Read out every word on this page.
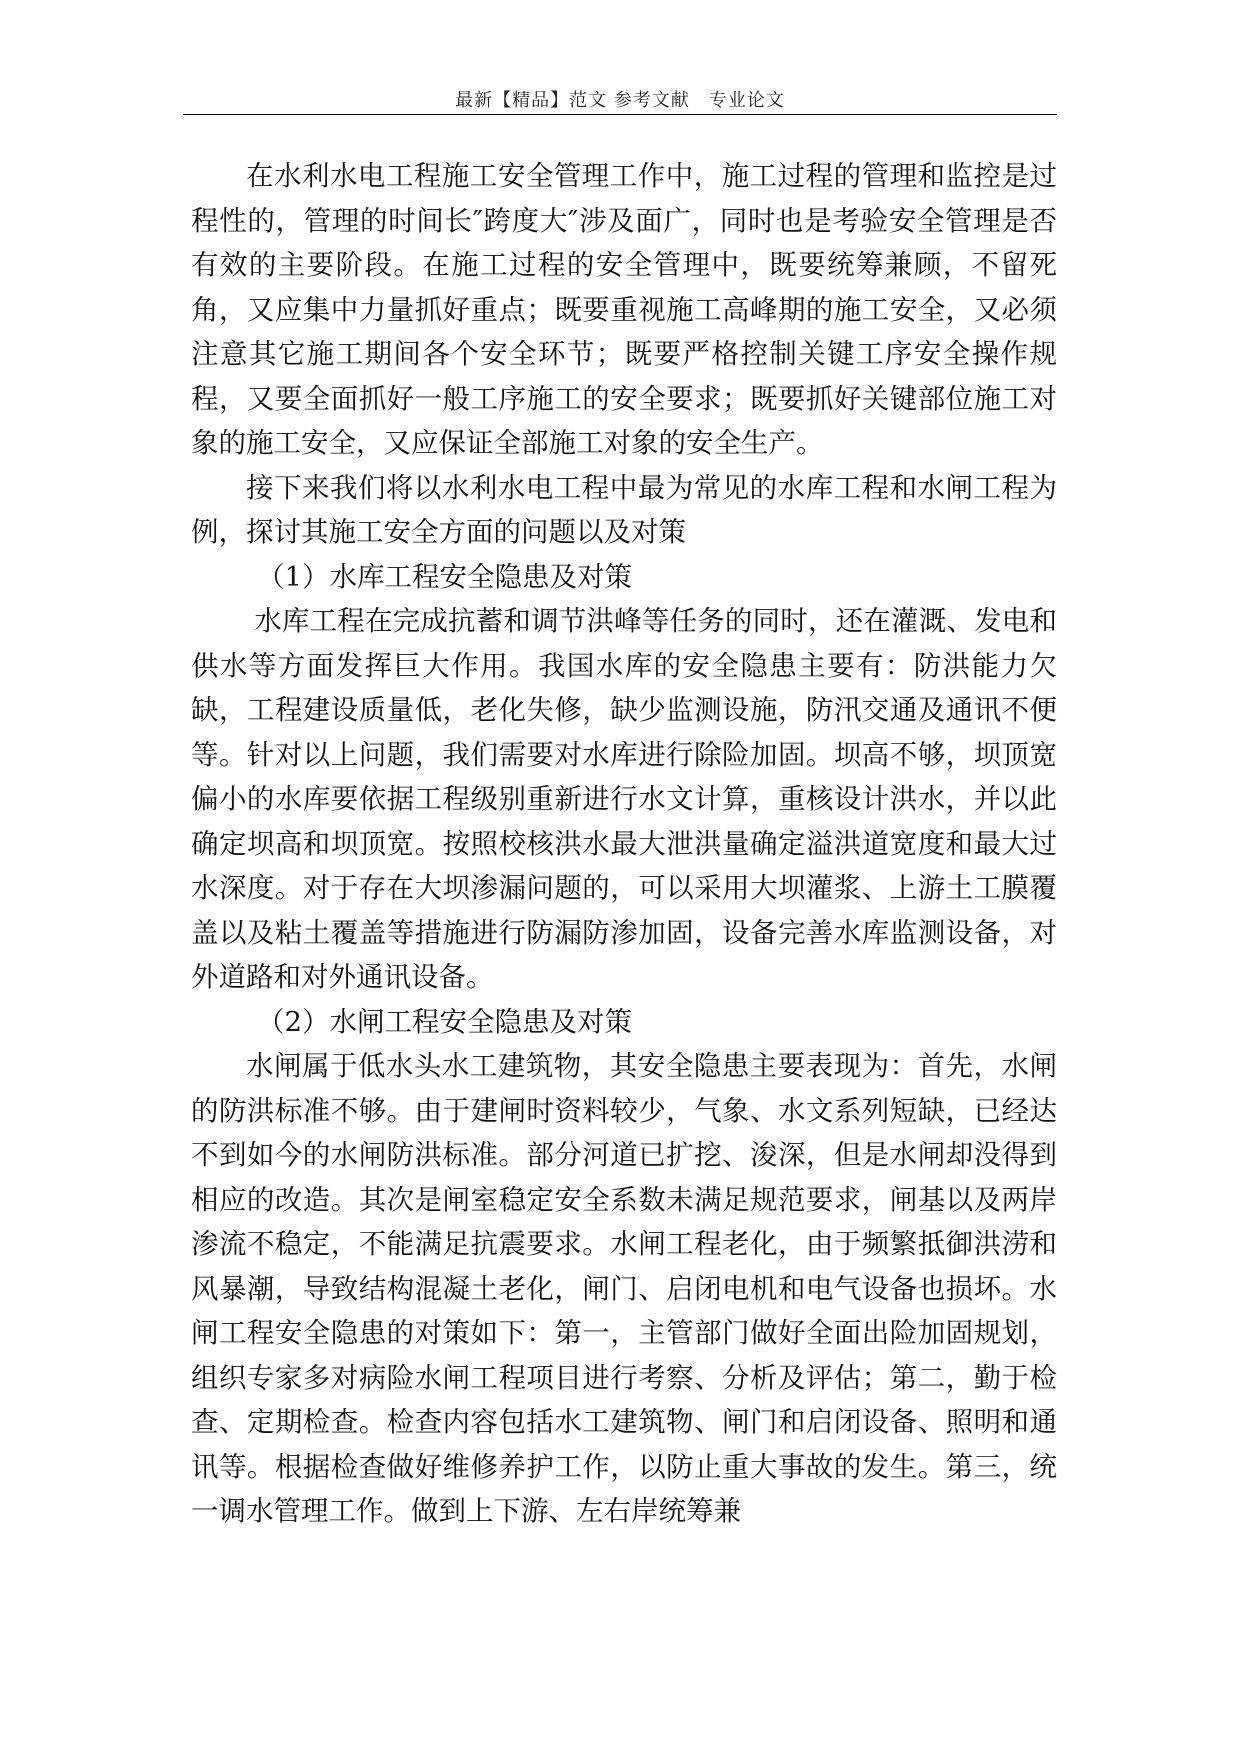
最新【精品】范文 参考文献　专业论文

在水利水电工程施工安全管理工作中，施工过程的管理和监控是过程性的，管理的时间长″跨度大″涉及面广，同时也是考验安全管理是否有效的主要阶段。在施工过程的安全管理中，既要统筹兼顾，不留死角，又应集中力量抓好重点；既要重视施工高峰期的施工安全，又必须注意其它施工期间各个安全环节；既要严格控制关键工序安全操作规程，又要全面抓好一般工序施工的安全要求；既要抓好关键部位施工对象的施工安全，又应保证全部施工对象的安全生产。

接下来我们将以水利水电工程中最为常见的水库工程和水闸工程为例，探讨其施工安全方面的问题以及对策

（1）水库工程安全隐患及对策

水库工程在完成抗蓄和调节洪峰等任务的同时，还在灌溉、发电和供水等方面发挥巨大作用。我国水库的安全隐患主要有：防洪能力欠缺，工程建设质量低，老化失修，缺少监测设施，防汛交通及通讯不便等。针对以上问题，我们需要对水库进行除险加固。坝高不够，坝顶宽偏小的水库要依据工程级别重新进行水文计算，重核设计洪水，并以此确定坝高和坝顶宽。按照校核洪水最大泄洪量确定溢洪道宽度和最大过水深度。对于存在大坝渗漏问题的，可以采用大坝灌浆、上游土工膜覆盖以及粘土覆盖等措施进行防漏防渗加固，设备完善水库监测设备，对外道路和对外通讯设备。

（2）水闸工程安全隐患及对策

水闸属于低水头水工建筑物，其安全隐患主要表现为：首先，水闸的防洪标准不够。由于建闸时资料较少，气象、水文系列短缺，已经达不到如今的水闸防洪标准。部分河道已扩挖、浚深，但是水闸却没得到相应的改造。其次是闸室稳定安全系数未满足规范要求，闸基以及两岸渗流不稳定，不能满足抗震要求。水闸工程老化，由于频繁抵御洪涝和风暴潮，导致结构混凝土老化，闸门、启闭电机和电气设备也损坏。水闸工程安全隐患的对策如下：第一，主管部门做好全面出险加固规划，组织专家多对病险水闸工程项目进行考察、分析及评估；第二，勤于检查、定期检查。检查内容包括水工建筑物、闸门和启闭设备、照明和通讯等。根据检查做好维修养护工作，以防止重大事故的发生。第三，统一调水管理工作。做到上下游、左右岸统筹兼
